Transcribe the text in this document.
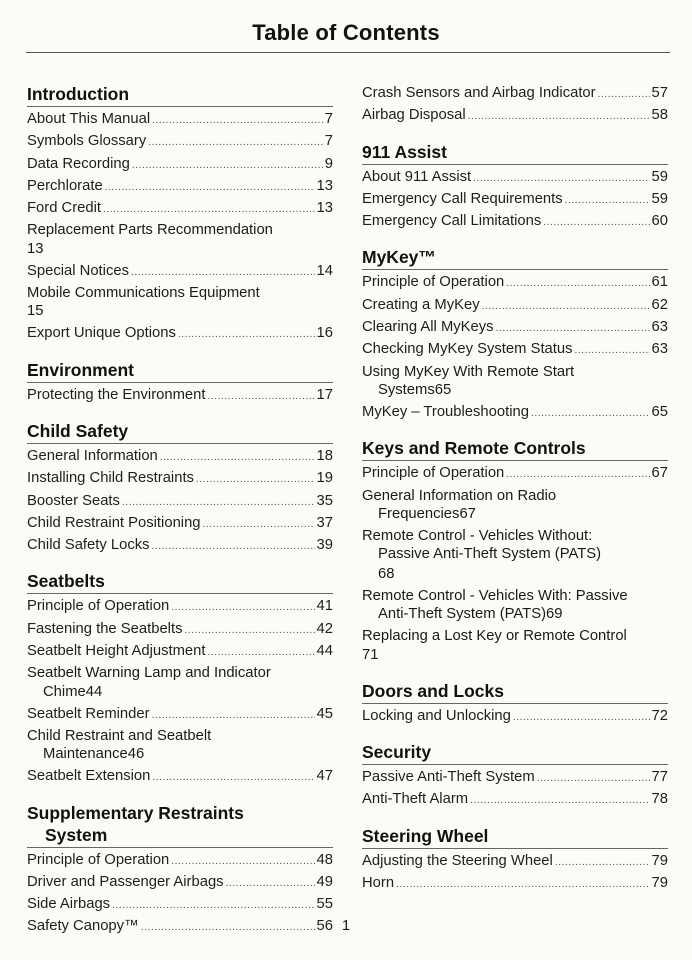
Table of Contents
Introduction
About This Manual .....	7
Symbols Glossary .....	7
Data Recording .....	9
Perchlorate .....	13
Ford Credit .....	13
Replacement Parts Recommendation
13
Special Notices .....	14
Mobile Communications Equipment
15
Export Unique Options .....	16
Environment
Protecting the Environment .....	17
Child Safety
General Information .....	18
Installing Child Restraints .....	19
Booster Seats .....	35
Child Restraint Positioning .....	37
Child Safety Locks .....	39
Seatbelts
Principle of Operation .....	41
Fastening the Seatbelts .....	42
Seatbelt Height Adjustment .....	44
Seatbelt Warning Lamp and Indicator
Chime 44
Seatbelt Reminder .....	45
Child Restraint and Seatbelt
Maintenance 46
Seatbelt Extension .....	47
Supplementary Restraints
System
Principle of Operation .....	48
Driver and Passenger Airbags .....	49
Side Airbags .....	55
Safety Canopy™ .....	56
Crash Sensors and Airbag Indicator .....	57
Airbag Disposal .....	58
911 Assist
About 911 Assist .....	59
Emergency Call Requirements .....	59
Emergency Call Limitations .....	60
MyKey™
Principle of Operation .....	61
Creating a MyKey .....	62
Clearing All MyKeys .....	63
Checking MyKey System Status .....	63
Using MyKey With Remote Start
Systems 65
MyKey – Troubleshooting .....	65
Keys and Remote Controls
Principle of Operation .....	67
General Information on Radio
Frequencies 67
Remote Control - Vehicles Without:
Passive Anti-Theft System (PATS)
68
Remote Control - Vehicles With: Passive
Anti-Theft System (PATS) 69
Replacing a Lost Key or Remote Control
71
Doors and Locks
Locking and Unlocking .....	72
Security
Passive Anti-Theft System .....	77
Anti-Theft Alarm .....	78
Steering Wheel
Adjusting the Steering Wheel .....	79
Horn .....	79
1
